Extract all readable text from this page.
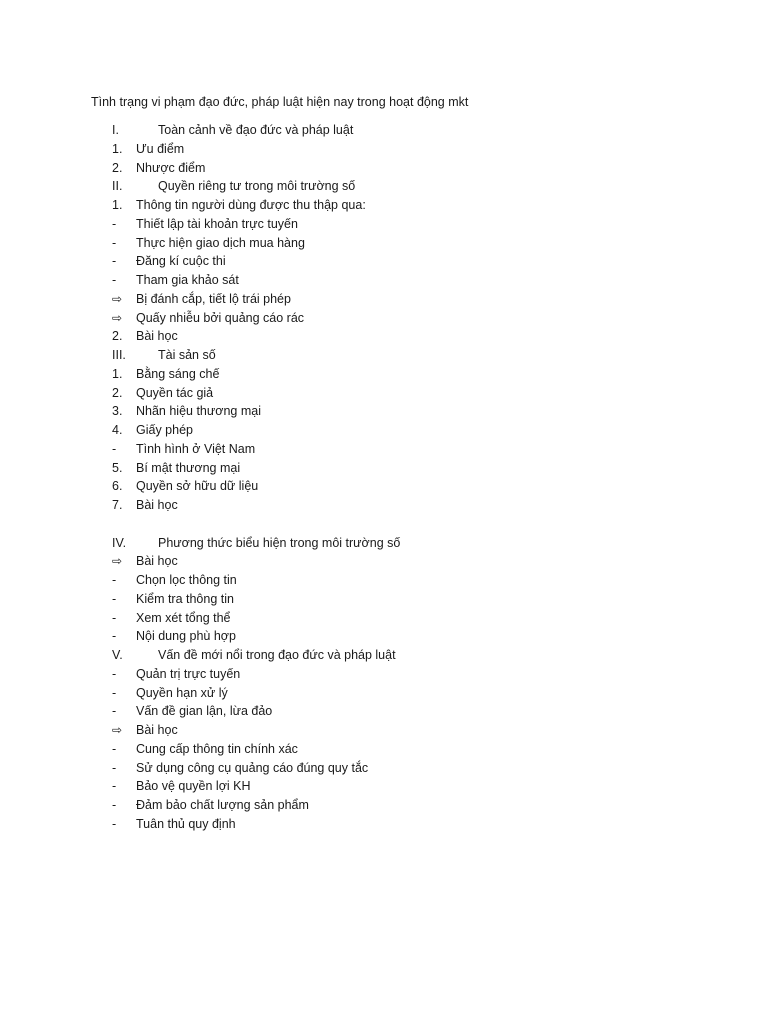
Tình trạng vi phạm đạo đức, pháp luật hiện nay trong hoạt động mkt
I.	Toàn cảnh về đạo đức và pháp luật
1. Ưu điểm
2. Nhược điểm
II.	Quyền riêng tư trong môi trường số
1. Thông tin người dùng được thu thập qua:
- Thiết lập tài khoản trực tuyến
- Thực hiện giao dịch mua hàng
- Đăng kí cuộc thi
- Tham gia khảo sát
⇨ Bị đánh cắp, tiết lộ trái phép
⇨ Quấy nhiễu bởi quảng cáo rác
2. Bài học
III.	Tài sản số
1. Bằng sáng chế
2. Quyền tác giả
3. Nhãn hiệu thương mại
4. Giấy phép
- Tình hình ở Việt Nam
5. Bí mật thương mại
6. Quyền sở hữu dữ liệu
7. Bài học
IV.	Phương thức biểu hiện trong môi trường số
⇨ Bài học
- Chọn lọc thông tin
- Kiểm tra thông tin
- Xem xét tổng thể
- Nội dung phù hợp
V.	Vấn đề mới nổi trong đạo đức và pháp luật
- Quản trị trực tuyến
- Quyền hạn xử lý
- Vấn đề gian lận, lừa đảo
⇨ Bài học
- Cung cấp thông tin chính xác
- Sử dụng công cụ quảng cáo đúng quy tắc
- Bảo vệ quyền lợi KH
- Đảm bảo chất lượng sản phẩm
- Tuân thủ quy định
